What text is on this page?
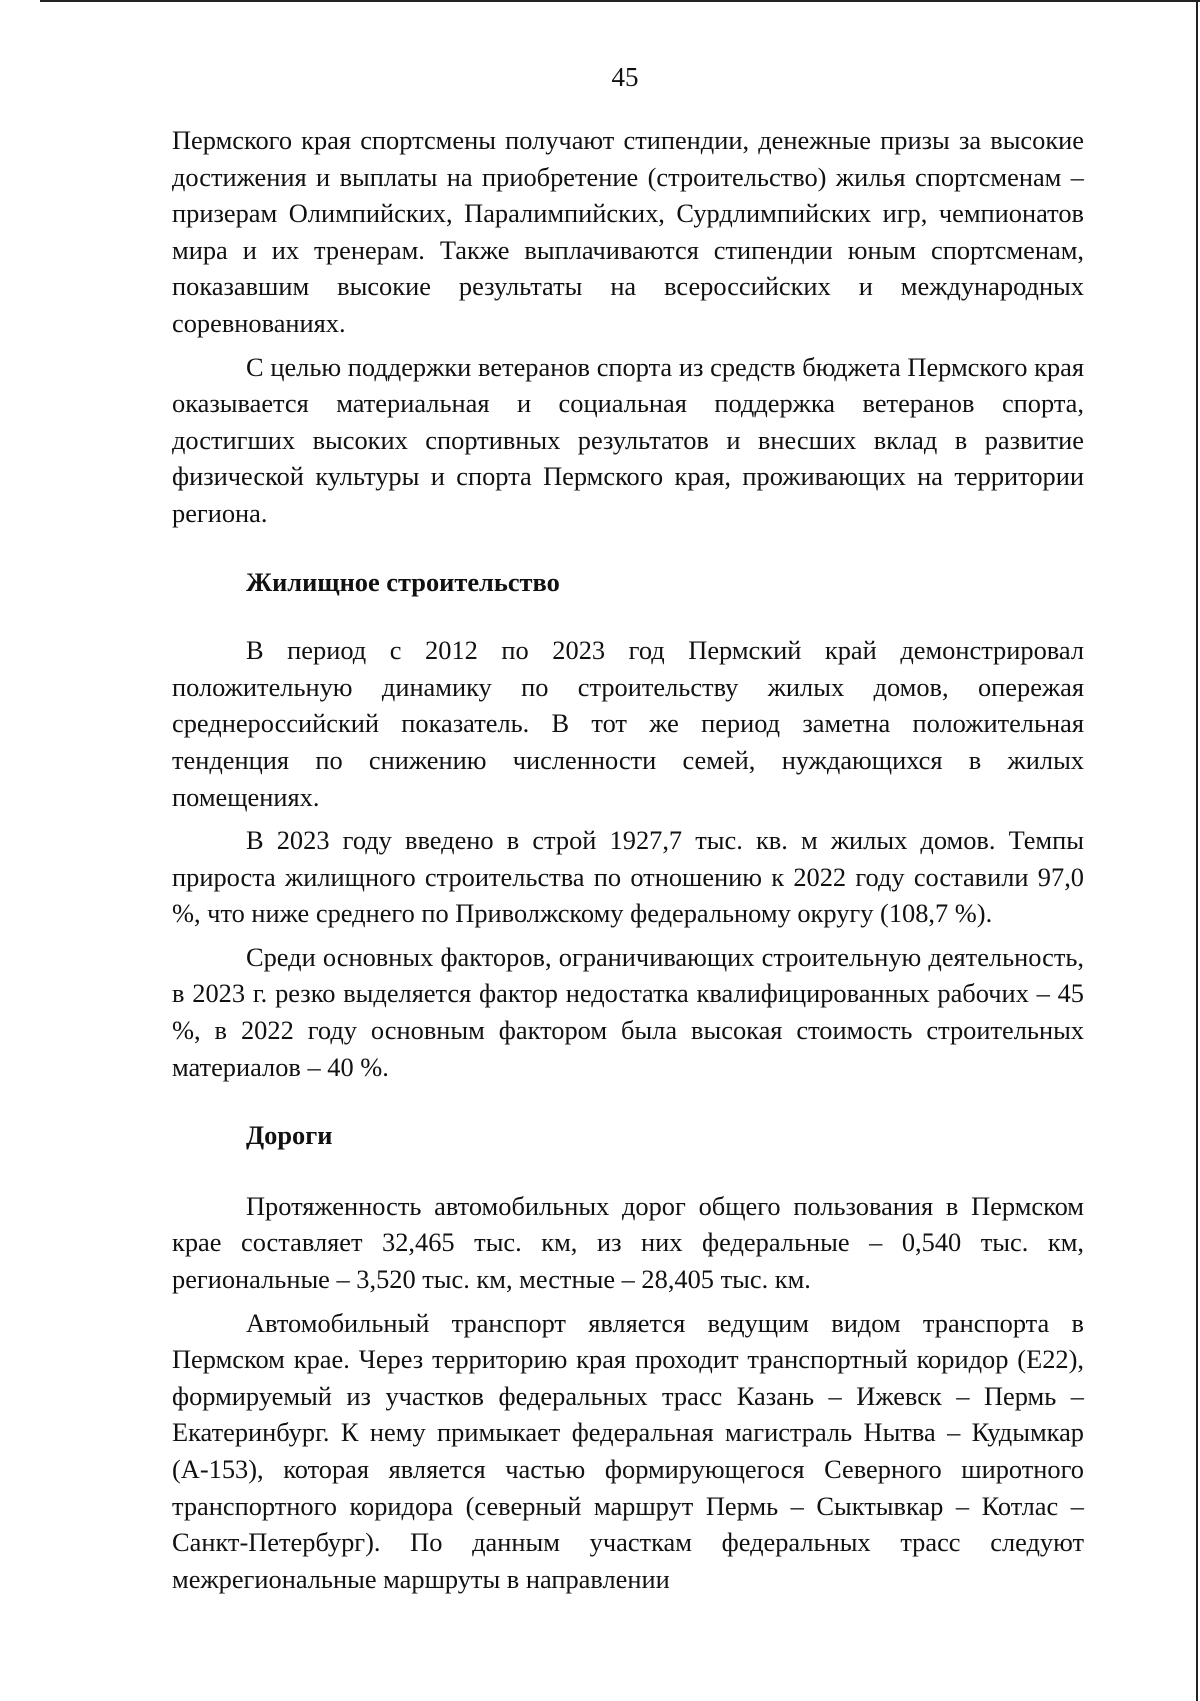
45

Пермского края спортсмены получают стипендии, денежные призы за высокие достижения и выплаты на приобретение (строительство) жилья спортсменам – призерам Олимпийских, Паралимпийских, Сурдлимпийских игр, чемпионатов мира и их тренерам. Также выплачиваются стипендии юным спортсменам, показавшим высокие результаты на всероссийских и международных соревнованиях.

С целью поддержки ветеранов спорта из средств бюджета Пермского края оказывается материальная и социальная поддержка ветеранов спорта, достигших высоких спортивных результатов и внесших вклад в развитие физической культуры и спорта Пермского края, проживающих на территории региона.

Жилищное строительство

В период с 2012 по 2023 год Пермский край демонстрировал положительную динамику по строительству жилых домов, опережая среднероссийский показатель. В тот же период заметна положительная тенденция по снижению численности семей, нуждающихся в жилых помещениях.

В 2023 году введено в строй 1927,7 тыс. кв. м жилых домов. Темпы прироста жилищного строительства по отношению к 2022 году составили 97,0 %, что ниже среднего по Приволжскому федеральному округу (108,7 %).

Среди основных факторов, ограничивающих строительную деятельность, в 2023 г. резко выделяется фактор недостатка квалифицированных рабочих – 45 %, в 2022 году основным фактором была высокая стоимость строительных материалов – 40 %.

Дороги

Протяженность автомобильных дорог общего пользования в Пермском крае составляет 32,465 тыс. км, из них федеральные – 0,540 тыс. км, региональные – 3,520 тыс. км, местные – 28,405 тыс. км.

Автомобильный транспорт является ведущим видом транспорта в Пермском крае. Через территорию края проходит транспортный коридор (Е22), формируемый из участков федеральных трасс Казань – Ижевск – Пермь – Екатеринбург. К нему примыкает федеральная магистраль Нытва – Кудымкар (А-153), которая является частью формирующегося Северного широтного транспортного коридора (северный маршрут Пермь – Сыктывкар – Котлас – Санкт-Петербург). По данным участкам федеральных трасс следуют межрегиональные маршруты в направлении
